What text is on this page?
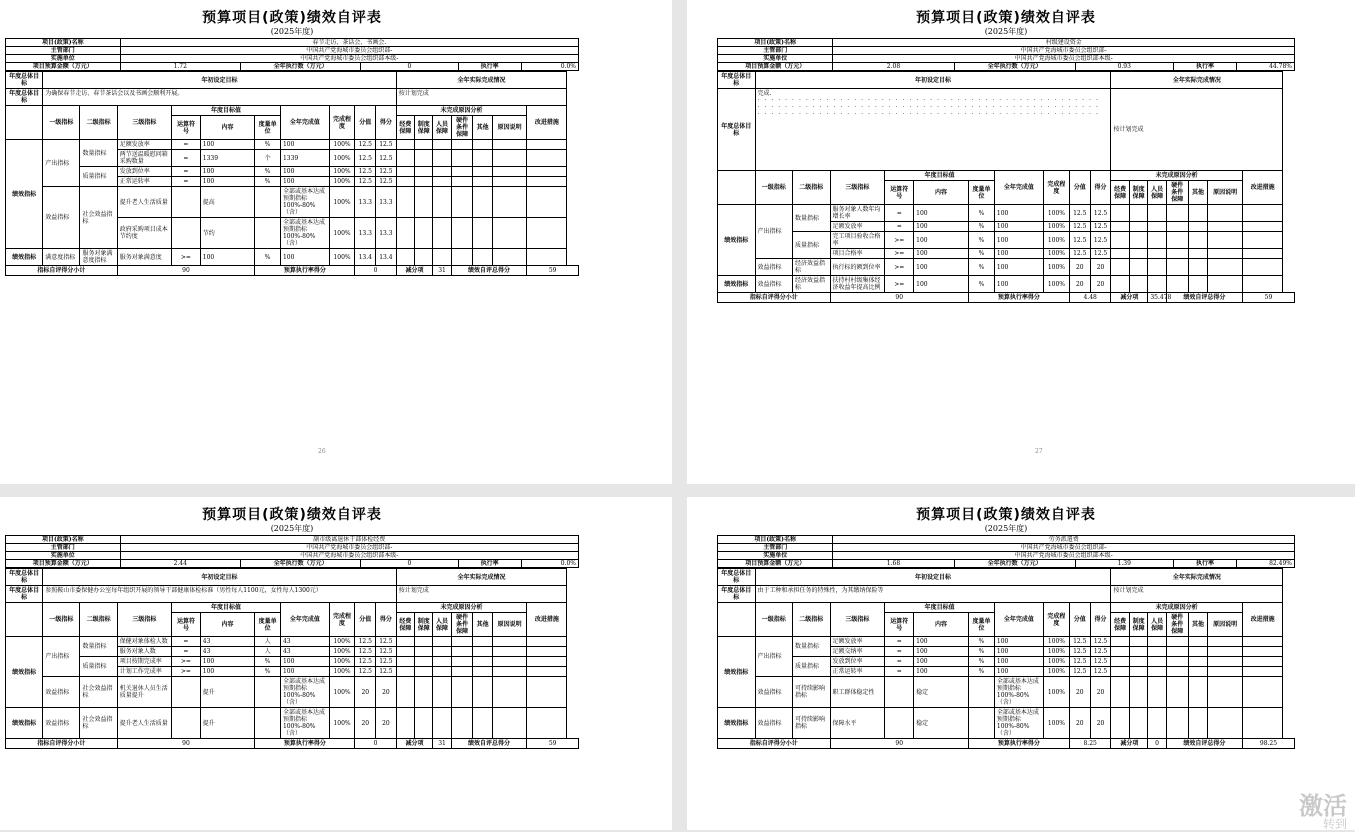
预算项目(政策)绩效自评表
(2025年度)
项目(政策)名称	春节走访、茶话会、书画会.				
主管部门	中国共产党海城市委员会组织部-				
实施单位	中国共产党海城市委员会组织部本级-				
项目预算金额（万元）	1.72	全年执行数（万元）	0	执行率	0.0%
年度总体目标	年初设定目标										全年实际完成情况						
年度总体目标	为确保春节走访、春节茶话会以及书画会顺利开展。										按计划完成						
	一级指标	二级指标	三级指标	年度目标值			全年完成值	完成程度	分值	得分	未完成原因分析						改进措施
				运算符号	内容	度量单位					经费保障	制度保障	人员保障	硬件条件保障	其他	原因说明	
绩效指标	产出指标	数量指标	足额发放率	=	100	%	100	100%	12.5	12.5							
			两节送温暖慰问箱采购数量	=	1339	个	1339	100%	12.5	12.5							
		质量指标	发放到位率	=	100	%	100	100%	12.5	12.5							
			正常运转率	=	100	%	100	100%	12.5	12.5							
	效益指标	社会效益指标	提升老人生活质量		提高		全部或基本达成预期指标100%-80%（含）	100%	13.3	13.3							
			政府采购项目成本节约度		节约		全部或基本达成预期指标100%-80%（含）	100%	13.3	13.3							
绩效指标	满意度指标	服务对象满意度指标	服务对象满意度	>=	100	%	100	100%	13.4	13.4							
指标自评得分小计			90			预算执行率得分			0		减分项		31	绩效自评总得分			59
26
预算项目(政策)绩效自评表
(2025年度)
项目(政策)名称	村级建设资金				
主管部门	中国共产党海城市委员会组织部-				
实施单位	中国共产党海城市委员会组织部本级-				
项目预算金额（万元）	2.08	全年执行数（万元）	0.93	执行率	44.78%
年度总体目标	年初设定目标										全年实际完成情况						
年度总体目标	完成.
······················································································································································										按计划完成						
	一级指标	二级指标	三级指标	年度目标值			全年完成值	完成程度	分值	得分	未完成原因分析						改进措施
				运算符号	内容	度量单位					经费保障	制度保障	人员保障	硬件条件保障	其他	原因说明	
绩效指标	产出指标	数量指标	服务对象人数年均增长率	=	100	%	100	100%	12.5	12.5							
			足额发放率	=	100	%	100	100%	12.5	12.5							
		质量指标	完工项目验收合格率	>=	100	%	100	100%	12.5	12.5							
			项目合格率	>=	100	%	100	100%	12.5	12.5							
	效益指标	经济效益指标	执行标的额到位率	>=	100	%	100	100%	20	20							
绩效指标	效益指标	经济效益指标	扶持村村级集体经济收益年提高比例	>=	100	%	100	100%	20	20							
指标自评得分小计			90			预算执行率得分			4.48		减分项		35.478	绩效自评总得分			59
27
预算项目(政策)绩效自评表
(2025年度)
项目(政策)名称	副市级离退休干部体检经费				
主管部门	中国共产党海城市委员会组织部-				
实施单位	中国共产党海城市委员会组织部本级-				
项目预算金额（万元）	2.44	全年执行数（万元）	0	执行率	0.0%
年度总体目标	年初设定目标										全年实际完成情况						
年度总体目标	参照鞍山市委保健办公室每年组织开展的领导干部健康体检标准（男性每人1100元，女性每人1300元）										按计划完成						
	一级指标	二级指标	三级指标	年度目标值			全年完成值	完成程度	分值	得分	未完成原因分析						改进措施
				运算符号	内容	度量单位					经费保障	制度保障	人员保障	硬件条件保障	其他	原因说明	
绩效指标	产出指标	数量指标	保健对象体检人数	=	43	人	43	100%	12.5	12.5							
			服务对象人数	=	43	人	43	100%	12.5	12.5							
		质量指标	项目按期完成率	>=	100	%	100	100%	12.5	12.5							
			计划工作完成率	>=	100	%	100	100%	12.5	12.5							
	效益指标	社会效益指标	机关退休人员生活质量提升		提升		全部或基本达成预期指标100%-80%（含）	100%	20	20							
绩效指标	效益指标	社会效益指标	提升老人生活质量		提升		全部或基本达成预期指标100%-80%（含）	100%	20	20							
指标自评得分小计			90			预算执行率得分			0		减分项		31	绩效自评总得分			59
预算项目(政策)绩效自评表
(2025年度)
项目(政策)名称	劳务派遣费				
主管部门	中国共产党海城市委员会组织部-				
实施单位	中国共产党海城市委员会组织部本级-				
项目预算金额（万元）	1.68	全年执行数（万元）	1.39	执行率	82.49%
年度总体目标	年初设定目标										全年实际完成情况						
年度总体目标	由于工种和承担任务的特殊性，为其缴纳保险等										按计划完成						
	一级指标	二级指标	三级指标	年度目标值			全年完成值	完成程度	分值	得分	未完成原因分析						改进措施
				运算符号	内容	度量单位					经费保障	制度保障	人员保障	硬件条件保障	其他	原因说明	
绩效指标	产出指标	数量指标	足额发放率	=	100	%	100	100%	12.5	12.5							
			足额交纳率	=	100	%	100	100%	12.5	12.5							
		质量指标	发放到位率	=	100	%	100	100%	12.5	12.5							
			正常运转率	=	100	%	100	100%	12.5	12.5							
	效益指标	可持续影响指标	职工群体稳定性		稳定		全部或基本达成预期指标100%-80%（含）	100%	20	20							
绩效指标	效益指标	可持续影响指标	保障水平		稳定		全部或基本达成预期指标100%-80%（含）	100%	20	20							
指标自评得分小计			90			预算执行率得分			8.25		减分项		0	绩效自评总得分			98.25
激活
转到
